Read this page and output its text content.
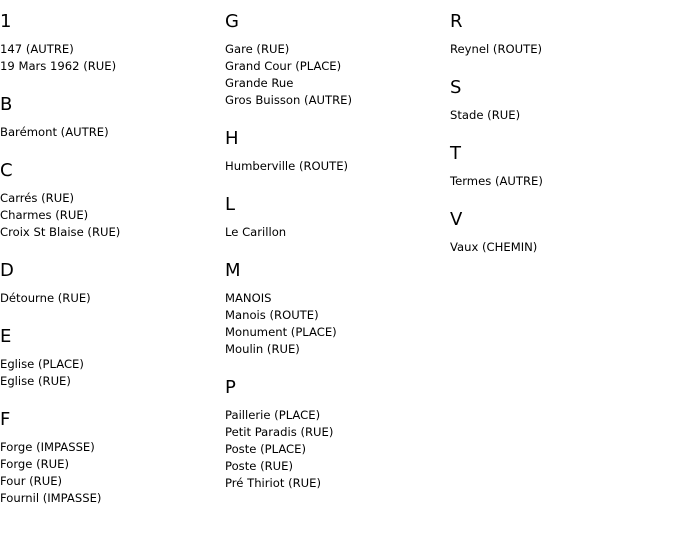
1
147 (AUTRE)
19 Mars 1962 (RUE)
B
Barémont (AUTRE)
C
Carrés (RUE)
Charmes (RUE)
Croix St Blaise (RUE)
D
Détourne (RUE)
E
Eglise (PLACE)
Eglise (RUE)
F
Forge (IMPASSE)
Forge (RUE)
Four (RUE)
Fournil (IMPASSE)
G
Gare (RUE)
Grand Cour (PLACE)
Grande Rue
Gros Buisson (AUTRE)
H
Humberville (ROUTE)
L
Le Carillon
M
MANOIS
Manois (ROUTE)
Monument (PLACE)
Moulin (RUE)
P
Paillerie (PLACE)
Petit Paradis (RUE)
Poste (PLACE)
Poste (RUE)
Pré Thiriot (RUE)
R
Reynel (ROUTE)
S
Stade (RUE)
T
Termes (AUTRE)
V
Vaux (CHEMIN)
